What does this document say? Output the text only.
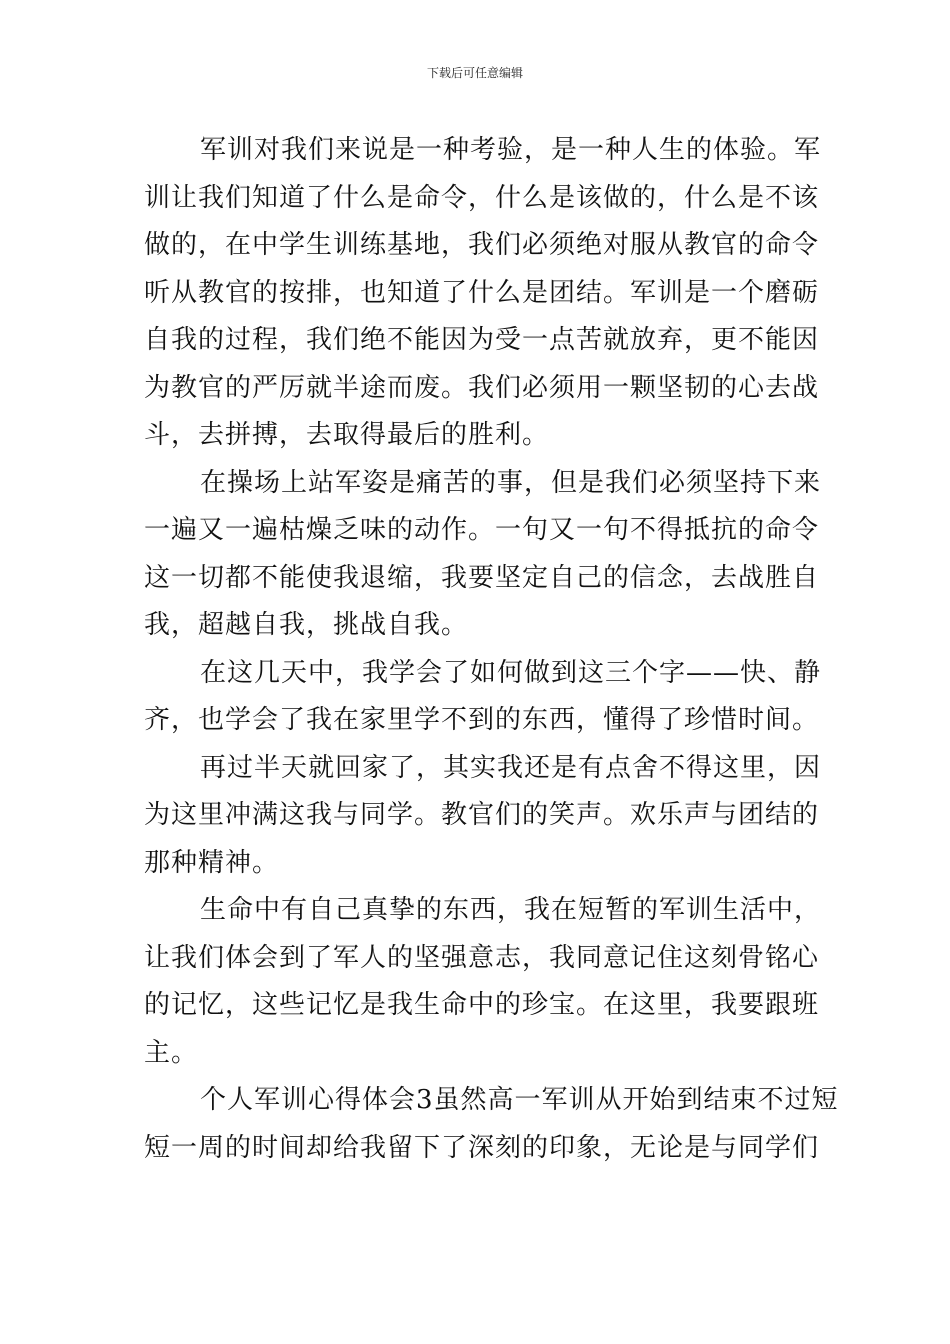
下载后可任意编辑
军训对我们来说是一种考验，是一种人生的体验。军
训让我们知道了什么是命令，什么是该做的，什么是不该
做的，在中学生训练基地，我们必须绝对服从教官的命令
听从教官的按排，也知道了什么是团结。军训是一个磨砺
自我的过程，我们绝不能因为受一点苦就放弃，更不能因
为教官的严厉就半途而废。我们必须用一颗坚韧的心去战
斗，去拼搏，去取得最后的胜利。
在操场上站军姿是痛苦的事，但是我们必须坚持下来
一遍又一遍枯燥乏味的动作。一句又一句不得抵抗的命令
这一切都不能使我退缩，我要坚定自己的信念，去战胜自
我，超越自我，挑战自我。
在这几天中，我学会了如何做到这三个字——快、静
齐，也学会了我在家里学不到的东西，懂得了珍惜时间。
再过半天就回家了，其实我还是有点舍不得这里，因
为这里冲满这我与同学。教官们的笑声。欢乐声与团结的
那种精神。
生命中有自己真挚的东西，我在短暂的军训生活中，
让我们体会到了军人的坚强意志，我同意记住这刻骨铭心
的记忆，这些记忆是我生命中的珍宝。在这里，我要跟班
主。
个人军训心得体会3虽然高一军训从开始到结束不过短
短一周的时间却给我留下了深刻的印象，无论是与同学们
